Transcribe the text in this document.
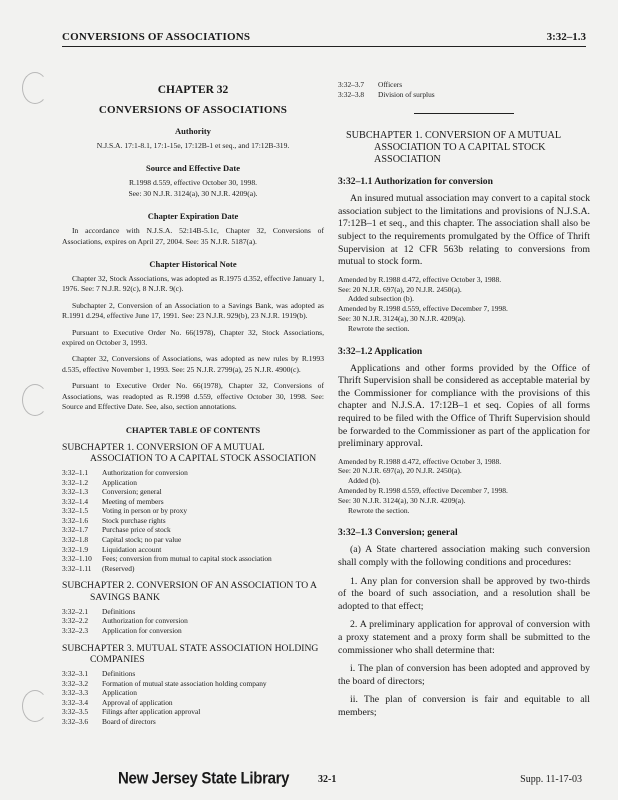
CONVERSIONS OF ASSOCIATIONS	3:32–1.3
CHAPTER 32
CONVERSIONS OF ASSOCIATIONS
Authority

N.J.S.A. 17:1-8.1, 17:1-15e, 17:12B-1 et seq., and 17:12B-319.

Source and Effective Date

R.1998 d.559, effective October 30, 1998.

See: 30 N.J.R. 3124(a), 30 N.J.R. 4209(a).

Chapter Expiration Date

In accordance with N.J.S.A. 52:14B-5.1c, Chapter 32, Conversions of Associations, expires on April 27, 2004. See: 35 N.J.R. 5187(a).

Chapter Historical Note

Chapter 32, Stock Associations, was adopted as R.1975 d.352, effective January 1, 1976. See: 7 N.J.R. 92(c), 8 N.J.R. 9(c).

Subchapter 2, Conversion of an Association to a Savings Bank, was adopted as R.1991 d.294, effective June 17, 1991. See: 23 N.J.R. 929(b), 23 N.J.R. 1919(b).

Pursuant to Executive Order No. 66(1978), Chapter 32, Stock Associations, expired on October 3, 1993.

Chapter 32, Conversions of Associations, was adopted as new rules by R.1993 d.535, effective November 1, 1993. See: 25 N.J.R. 2799(a), 25 N.J.R. 4900(c).

Pursuant to Executive Order No. 66(1978), Chapter 32, Conversions of Associations, was readopted as R.1998 d.559, effective October 30, 1998. See: Source and Effective Date. See, also, section annotations.

CHAPTER TABLE OF CONTENTS
SUBCHAPTER 1. CONVERSION OF A MUTUAL ASSOCIATION TO A CAPITAL STOCK ASSOCIATION
3:32–1.1	Authorization for conversion
3:32–1.2	Application
3:32–1.3	Conversion; general
3:32–1.4	Meeting of members
3:32–1.5	Voting in person or by proxy
3:32–1.6	Stock purchase rights
3:32–1.7	Purchase price of stock
3:32–1.8	Capital stock; no par value
3:32–1.9	Liquidation account
3:32–1.10	Fees; conversion from mutual to capital stock association
3:32–1.11	(Reserved)
SUBCHAPTER 2. CONVERSION OF AN ASSOCIATION TO A SAVINGS BANK
3:32–2.1	Definitions
3:32–2.2	Authorization for conversion
3:32–2.3	Application for conversion
SUBCHAPTER 3. MUTUAL STATE ASSOCIATION HOLDING COMPANIES
3:32–3.1	Definitions
3:32–3.2	Formation of mutual state association holding company
3:32–3.3	Application
3:32–3.4	Approval of application
3:32–3.5	Filings after application approval
3:32–3.6	Board of directors
3:32–3.7	Officers
3:32–3.8	Division of surplus
SUBCHAPTER 1. CONVERSION OF A MUTUAL ASSOCIATION TO A CAPITAL STOCK ASSOCIATION
3:32–1.1 Authorization for conversion

An insured mutual association may convert to a capital stock association subject to the limitations and provisions of N.J.S.A. 17:12B–1 et seq., and this chapter. The association shall also be subject to the requirements promulgated by the Office of Thrift Supervision at 12 CFR 563b relating to conversions from mutual to stock form.

Amended by R.1988 d.472, effective October 3, 1988.
See: 20 N.J.R. 697(a), 20 N.J.R. 2450(a).
Added subsection (b).
Amended by R.1998 d.559, effective December 7, 1998.
See: 30 N.J.R. 3124(a), 30 N.J.R. 4209(a).
Rewrote the section.
3:32–1.2 Application

Applications and other forms provided by the Office of Thrift Supervision shall be considered as acceptable material by the Commissioner for compliance with the provisions of this chapter and N.J.S.A. 17:12B–1 et seq. Copies of all forms required to be filed with the Office of Thrift Supervision should be forwarded to the Commissioner as part of the application for preliminary approval.

Amended by R.1988 d.472, effective October 3, 1988.
See: 20 N.J.R. 697(a), 20 N.J.R. 2450(a).
Added (b).
Amended by R.1998 d.559, effective December 7, 1998.
See: 30 N.J.R. 3124(a), 30 N.J.R. 4209(a).
Rewrote the section.
3:32–1.3 Conversion; general

(a) A State chartered association making such conversion shall comply with the following conditions and procedures:

1. Any plan for conversion shall be approved by two-thirds of the board of such association, and a resolution shall be adopted to that effect;

2. A preliminary application for approval of conversion with a proxy statement and a proxy form shall be submitted to the commissioner who shall determine that:

i. The plan of conversion has been adopted and approved by the board of directors;

ii. The plan of conversion is fair and equitable to all members;

New Jersey State Library	32-1	Supp. 11-17-03
